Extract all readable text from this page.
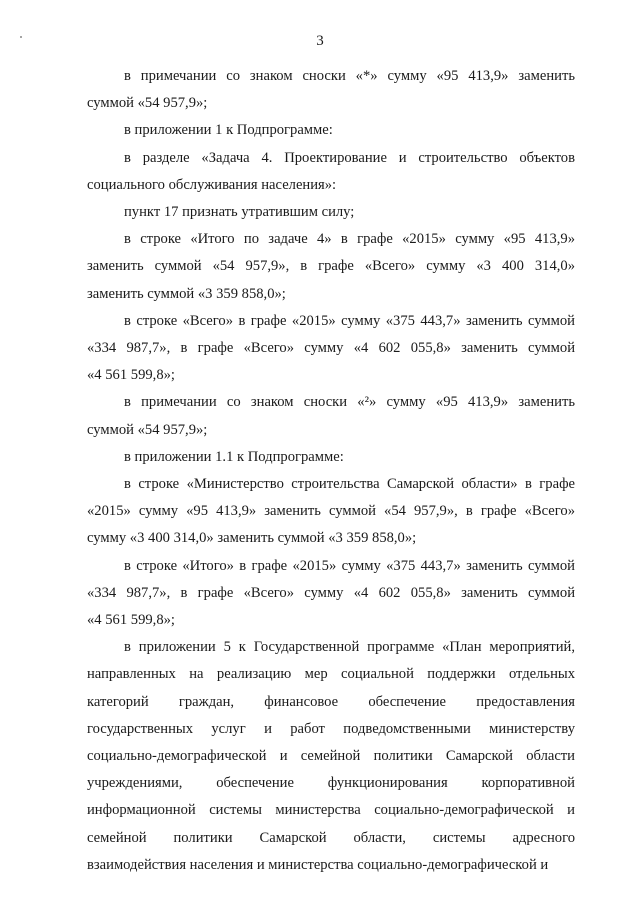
3
в примечании со знаком сноски «*» сумму «95 413,9» заменить
суммой «54 957,9»;
в приложении 1 к Подпрограмме:
в разделе «Задача 4. Проектирование и строительство объектов
социального обслуживания населения»:
пункт 17 признать утратившим силу;
в строке «Итого по задаче 4» в графе «2015» сумму «95 413,9»
заменить суммой «54 957,9», в графе «Всего» сумму «3 400 314,0»
заменить суммой «3 359 858,0»;
в строке «Всего» в графе «2015» сумму «375 443,7» заменить суммой
«334 987,7», в графе «Всего» сумму «4 602 055,8» заменить суммой
«4 561 599,8»;
в примечании со знаком сноски «²» сумму «95 413,9» заменить
суммой «54 957,9»;
в приложении 1.1 к Подпрограмме:
в строке «Министерство строительства Самарской области» в графе
«2015» сумму «95 413,9» заменить суммой «54 957,9», в графе «Всего»
сумму «3 400 314,0» заменить суммой «3 359 858,0»;
в строке «Итого» в графе «2015» сумму «375 443,7» заменить суммой
«334 987,7», в графе «Всего» сумму «4 602 055,8» заменить суммой
«4 561 599,8»;
в приложении 5 к Государственной программе «План мероприятий,
направленных на реализацию мер социальной поддержки отдельных
категорий граждан, финансовое обеспечение предоставления
государственных услуг и работ подведомственными министерству
социально-демографической и семейной политики Самарской области
учреждениями, обеспечение функционирования корпоративной
информационной системы министерства социально-демографической и
семейной политики Самарской области, системы адресного
взаимодействия населения и министерства социально-демографической и
